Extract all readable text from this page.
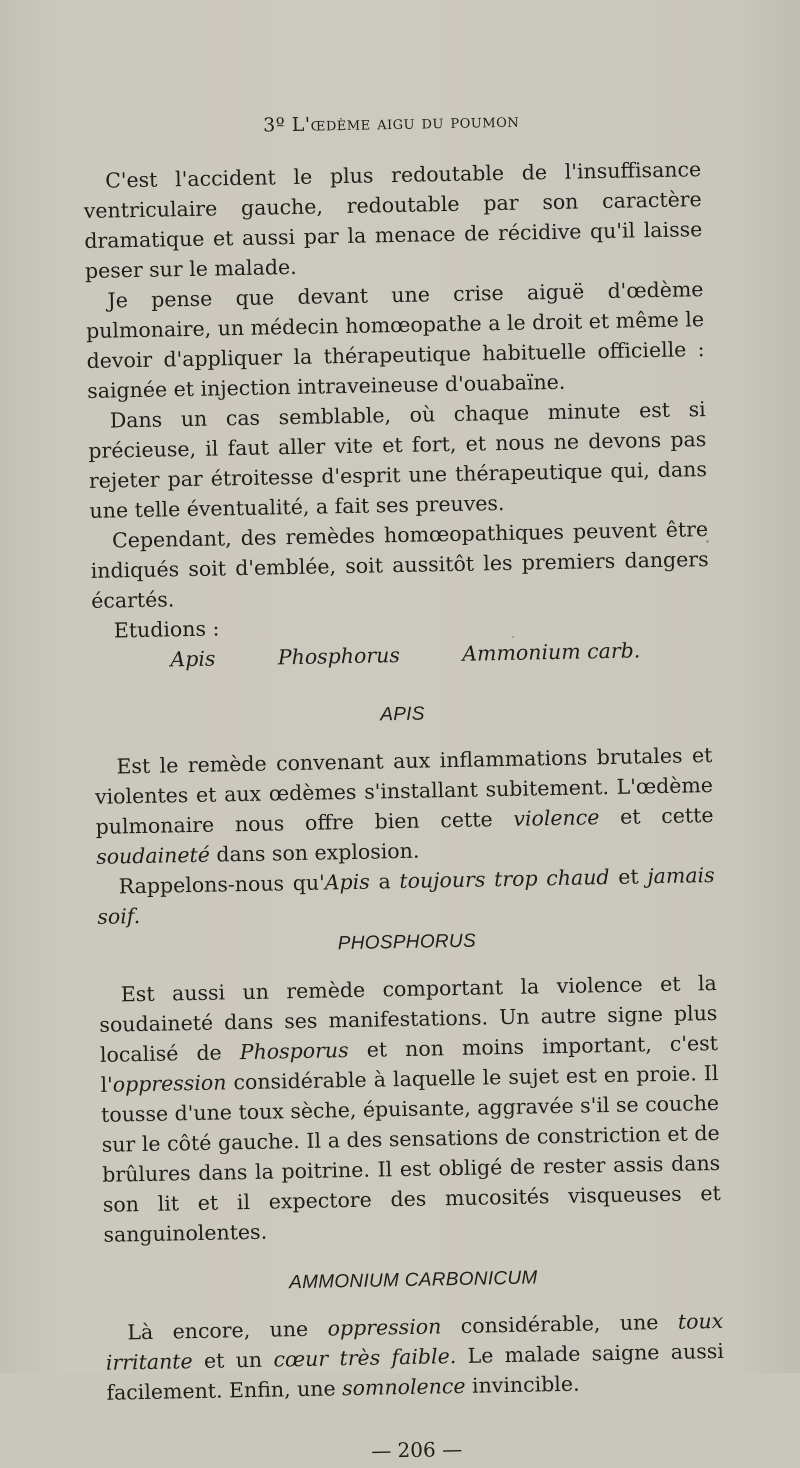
3º L'œdème aigu du poumon

C'est l'accident le plus redoutable de l'insuffisance ventriculaire gauche, redoutable par son caractère dramatique et aussi par la menace de récidive qu'il laisse peser sur le malade.

Je pense que devant une crise aiguë d'œdème pulmonaire, un médecin homœopathe a le droit et même le devoir d'appliquer la thérapeutique habituelle officielle : saignée et injection intraveineuse d'ouabaïne.

Dans un cas semblable, où chaque minute est si précieuse, il faut aller vite et fort, et nous ne devons pas rejeter par étroitesse d'esprit une thérapeutique qui, dans une telle éventualité, a fait ses preuves.

Cependant, des remèdes homœopathiques peuvent être indiqués soit d'emblée, soit aussitôt les premiers dangers écartés.

Etudions :

Apis	Phosphorus	Ammonium carb.
APIS

Est le remède convenant aux inflammations brutales et violentes et aux œdèmes s'installant subitement. L'œdème pulmonaire nous offre bien cette violence et cette soudaineté dans son explosion.

Rappelons-nous qu'Apis a toujours trop chaud et jamais soif.

PHOSPHORUS

Est aussi un remède comportant la violence et la soudaineté dans ses manifestations. Un autre signe plus localisé de Phosporus et non moins important, c'est l'oppression considérable à laquelle le sujet est en proie. Il tousse d'une toux sèche, épuisante, aggravée s'il se couche sur le côté gauche. Il a des sensations de constriction et de brûlures dans la poitrine. Il est obligé de rester assis dans son lit et il expectore des mucosités visqueuses et sanguinolentes.

AMMONIUM CARBONICUM

Là encore, une oppression considérable, une toux irritante et un cœur très faible. Le malade saigne aussi facilement. Enfin, une somnolence invincible.

— 206 —
